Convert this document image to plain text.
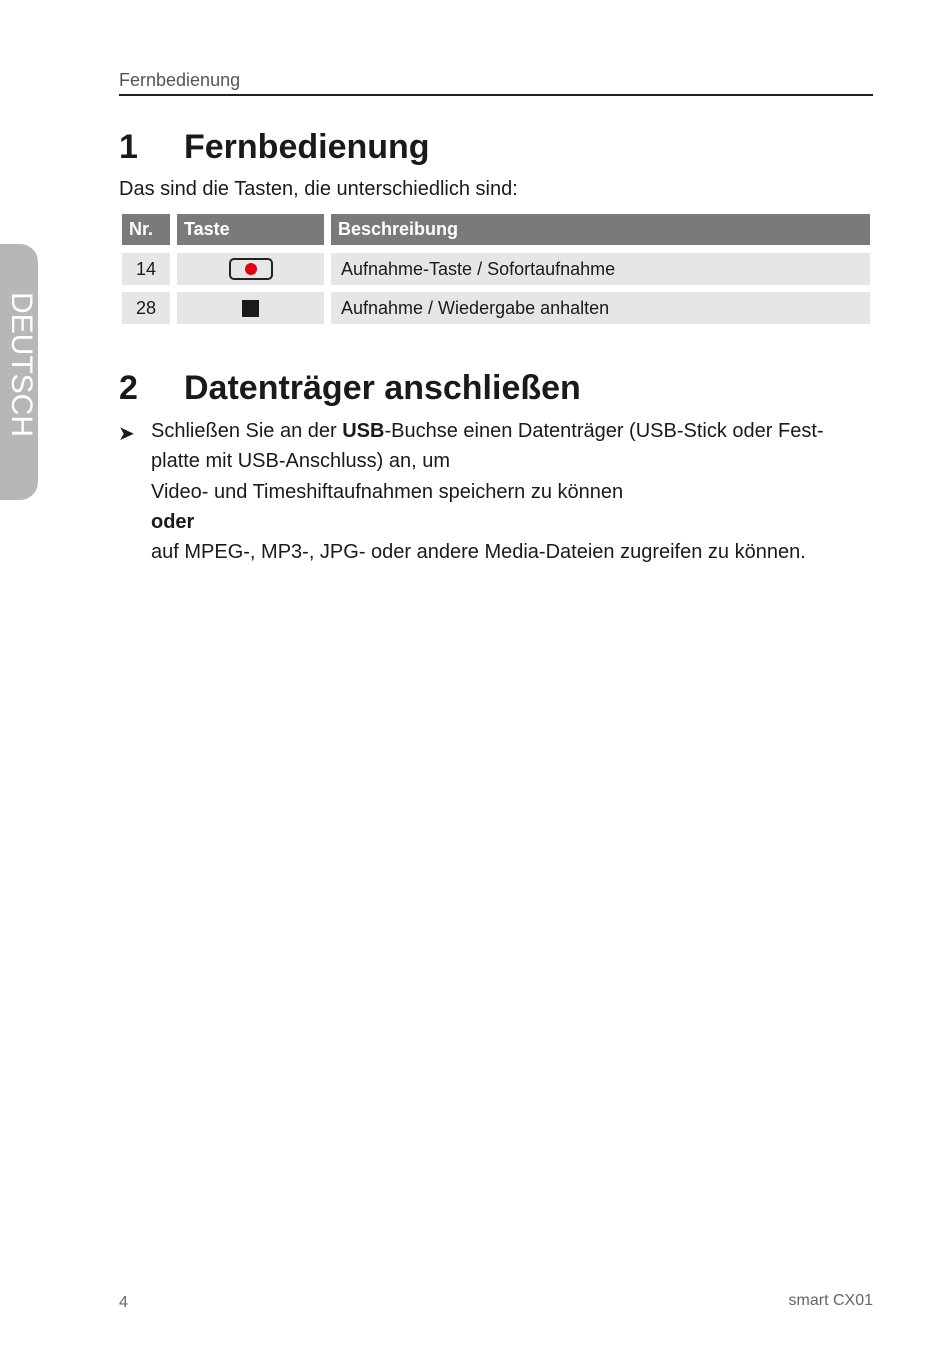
Fernbedienung
DEUTSCH
1 Fernbedienung
Das sind die Tasten, die unterschiedlich sind:
Nr.	Taste	Beschreibung
14	Aufnahme-Taste / Sofortaufnahme
28	Aufnahme / Wiedergabe anhalten
2 Datenträger anschließen
➤ Schließen Sie an der USB-Buchse einen Datenträger (USB-Stick oder Fest-
platte mit USB-Anschluss) an, um
Video- und Timeshiftaufnahmen speichern zu können
oder
auf MPEG-, MP3-, JPG- oder andere Media-Dateien zugreifen zu können.
4	smart CX01
